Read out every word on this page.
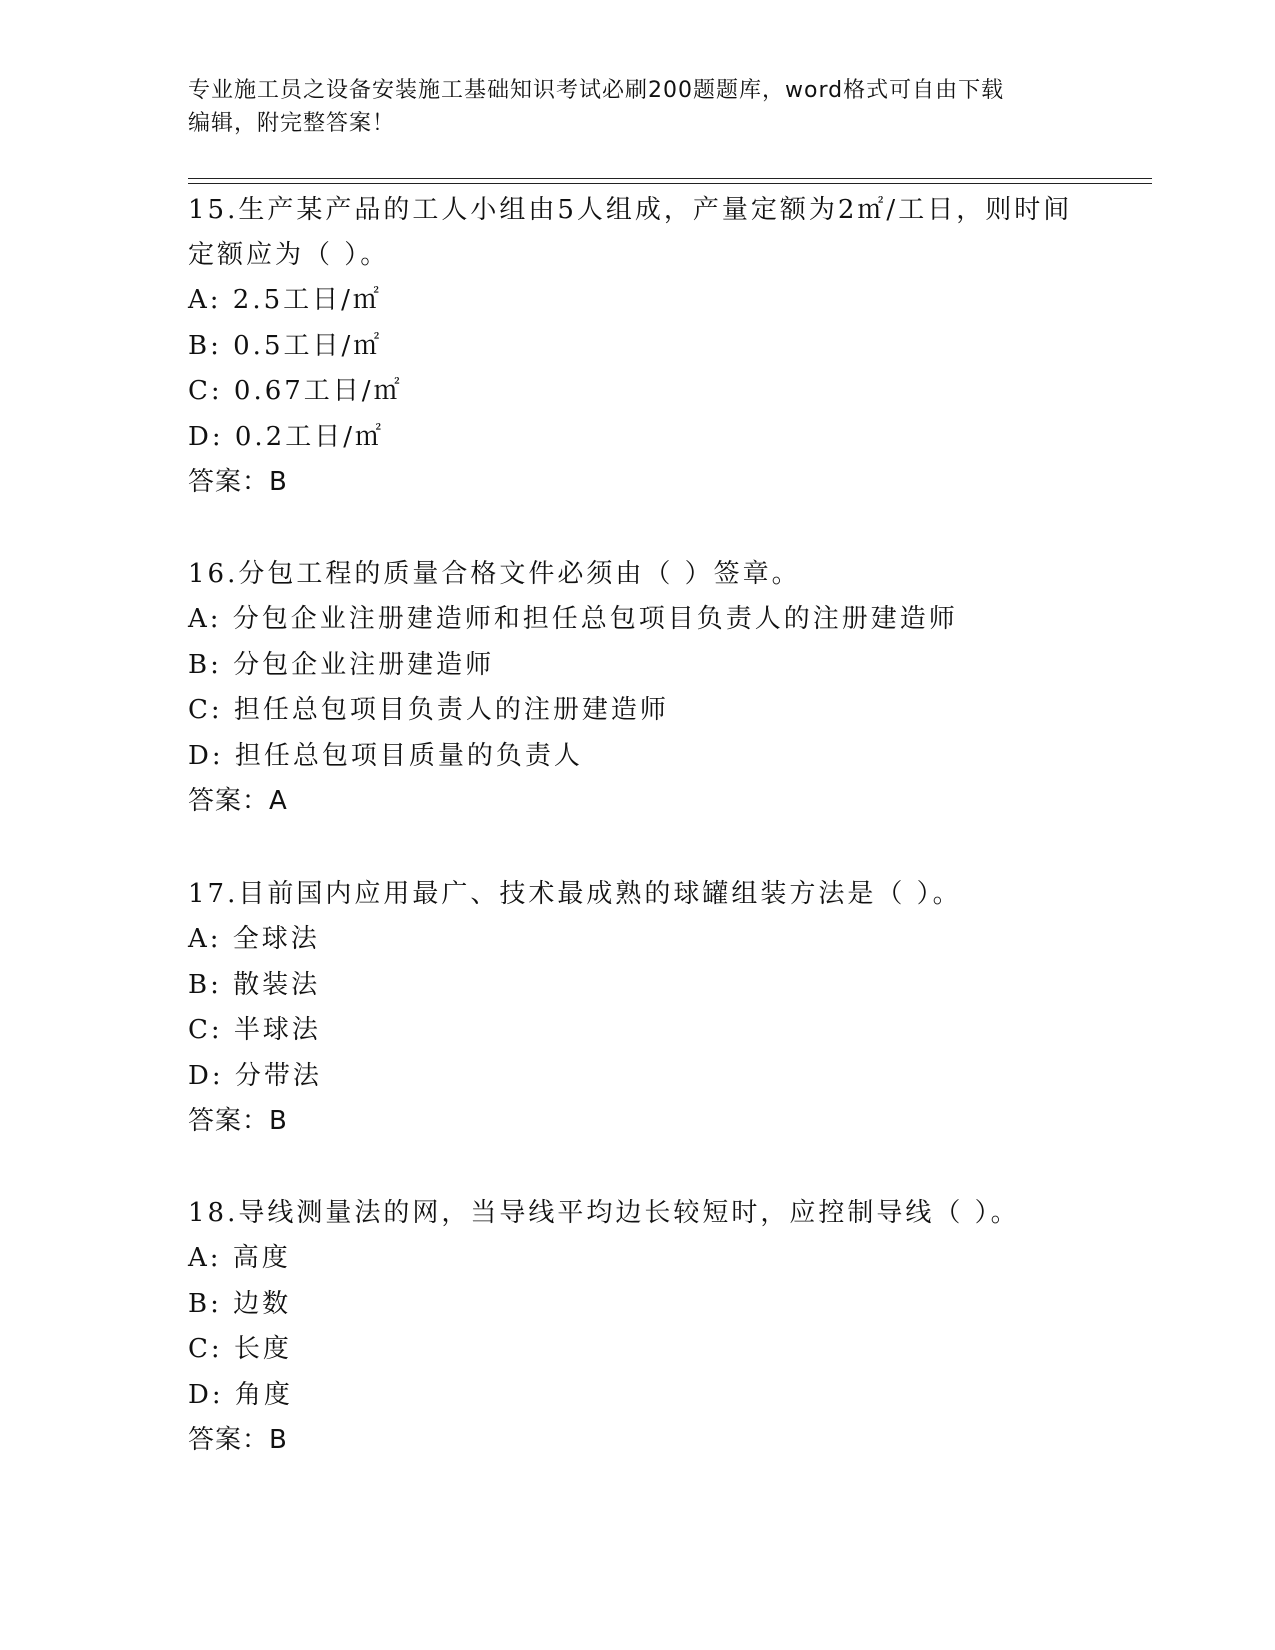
专业施工员之设备安装施工基础知识考试必刷200题题库，word格式可自由下载
编辑，附完整答案！
15.生产某产品的工人小组由5人组成，产量定额为2㎡/工日，则时间
定额应为（ ）。
A: 2.5工日/㎡
B: 0.5工日/㎡
C: 0.67工日/㎡
D: 0.2工日/㎡
答案：B
16.分包工程的质量合格文件必须由（ ）签章。
A: 分包企业注册建造师和担任总包项目负责人的注册建造师
B: 分包企业注册建造师
C: 担任总包项目负责人的注册建造师
D: 担任总包项目质量的负责人
答案：A
17.目前国内应用最广、技术最成熟的球罐组装方法是（ ）。
A: 全球法
B: 散装法
C: 半球法
D: 分带法
答案：B
18.导线测量法的网，当导线平均边长较短时，应控制导线（ ）。
A: 高度
B: 边数
C: 长度
D: 角度
答案：B
